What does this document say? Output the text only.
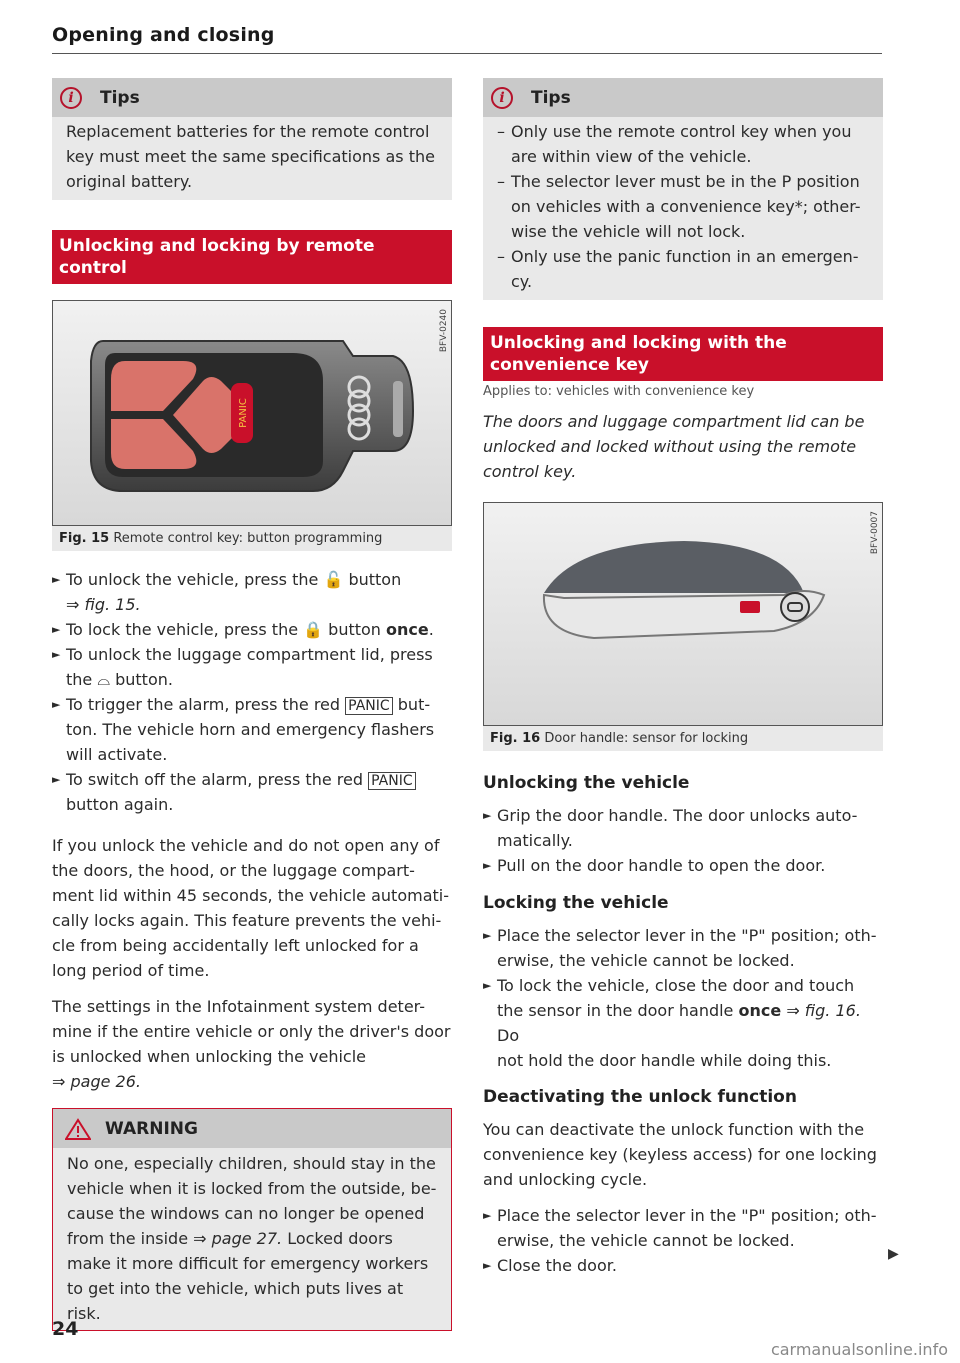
Opening and closing
i	Tips
Replacement batteries for the remote control
key must meet the same specifications as the
original battery.
Unlocking and locking by remote control
BFV-0240
PANIC
Fig. 15 Remote control key: button programming
► To unlock the vehicle, press the 🔓 button
⇒ fig. 15.
► To lock the vehicle, press the 🔒 button once.
► To unlock the luggage compartment lid, press
the ⌓ button.
► To trigger the alarm, press the red PANIC but-
ton. The vehicle horn and emergency flashers
will activate.
► To switch off the alarm, press the red PANIC
button again.
If you unlock the vehicle and do not open any of
the doors, the hood, or the luggage compart-
ment lid within 45 seconds, the vehicle automati-
cally locks again. This feature prevents the vehi-
cle from being accidentally left unlocked for a
long period of time.
The settings in the Infotainment system deter-
mine if the entire vehicle or only the driver's door
is unlocked when unlocking the vehicle
⇒ page 26.
WARNING
No one, especially children, should stay in the
vehicle when it is locked from the outside, be-
cause the windows can no longer be opened
from the inside ⇒ page 27. Locked doors
make it more difficult for emergency workers
to get into the vehicle, which puts lives at risk.
i	Tips
– Only use the remote control key when you
are within view of the vehicle.
– The selector lever must be in the P position
on vehicles with a convenience key*; other-
wise the vehicle will not lock.
– Only use the panic function in an emergen-
cy.
Unlocking and locking with the
convenience key

Applies to: vehicles with convenience key

The doors and luggage compartment lid can be
unlocked and locked without using the remote
control key.
BFV-0007
Fig. 16 Door handle: sensor for locking

Unlocking the vehicle

► Grip the door handle. The door unlocks auto-
matically.
► Pull on the door handle to open the door.

Locking the vehicle

► Place the selector lever in the "P" position; oth-
erwise, the vehicle cannot be locked.
► To lock the vehicle, close the door and touch
the sensor in the door handle once ⇒ fig. 16. Do
not hold the door handle while doing this.

Deactivating the unlock function

You can deactivate the unlock function with the
convenience key (keyless access) for one locking
and unlocking cycle.
► Place the selector lever in the "P" position; oth-
erwise, the vehicle cannot be locked.
► Close the door.
▶
24
carmanualsonline.info
